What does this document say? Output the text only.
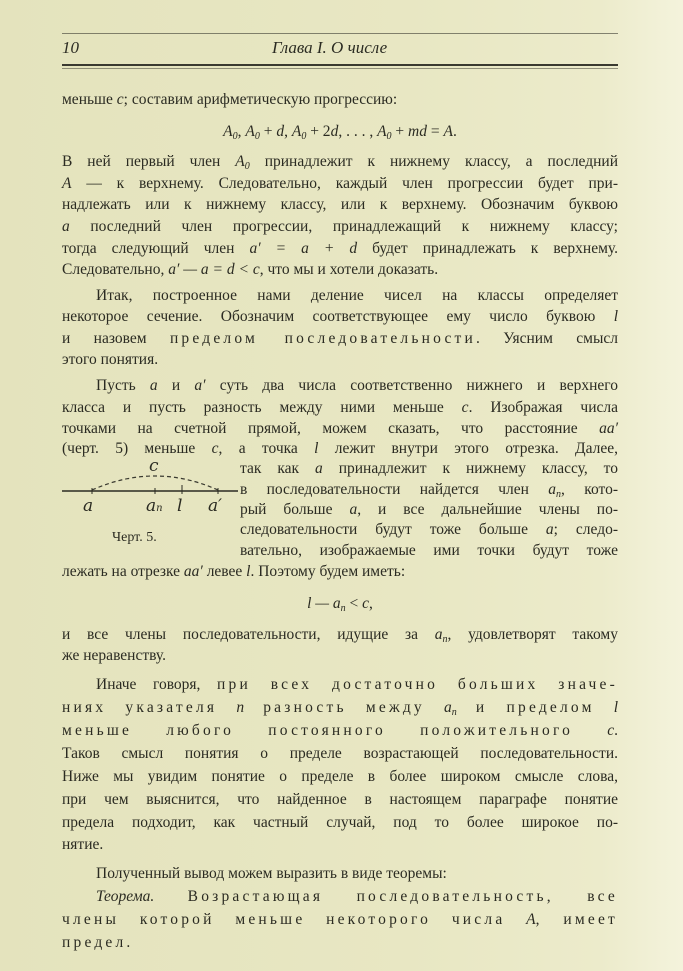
10	Глава I. О числе
меньше c; составим арифметическую прогрессию:
A0, A0 + d, A0 + 2d, . . . , A0 + md = A.
В ней первый член A0 принадлежит к нижнему классу, а последний
A — к верхнему. Следовательно, каждый член прогрессии будет при-
надлежать или к нижнему классу, или к верхнему. Обозначим буквою
a последний член прогрессии, принадлежащий к нижнему классу;
тогда следующий член a′ = a + d будет принадлежать к верхнему.
Следовательно, a′ — a = d < c, что мы и хотели доказать.
Итак, построенное нами деление чисел на классы определяет
некоторое сечение. Обозначим соответствующее ему число буквою l
и назовем пределом последовательности. Уясним смысл
этого понятия.
Пусть a и a′ суть два числа соответственно нижнего и верхнего
класса и пусть разность между ними меньше c. Изображая числа
точками на счетной прямой, можем сказать, что расстояние aa′
(черт. 5) меньше c, а точка l лежит внутри этого отрезка. Далее,
так как a принадлежит к нижнему классу, то
в последовательности найдется член an, кото-
рый больше a, и все дальнейшие члены по-
следовательности будут тоже больше a; следо-
вательно, изображаемые ими точки будут тоже
лежать на отрезке aa′ левее l. Поэтому будем иметь:
l — an < c,
и все члены последовательности, идущие за an, удовлетворят такому
же неравенству.
Иначе говоря, при всех достаточно больших значе-
ниях указателя n разность между an и пределом l
меньше любого постоянного положительного c.
Таков смысл понятия о пределе возрастающей последовательности.
Ниже мы увидим понятие о пределе в более широком смысле слова,
при чем выяснится, что найденное в настоящем параграфе понятие
предела подходит, как частный случай, под то более широкое по-
нятие.
Полученный вывод можем выразить в виде теоремы:
Теорема. Возрастающая последовательность, все
члены которой меньше некоторого числа A, имеет
предел.
c
a	an l a′
Черт. 5.
